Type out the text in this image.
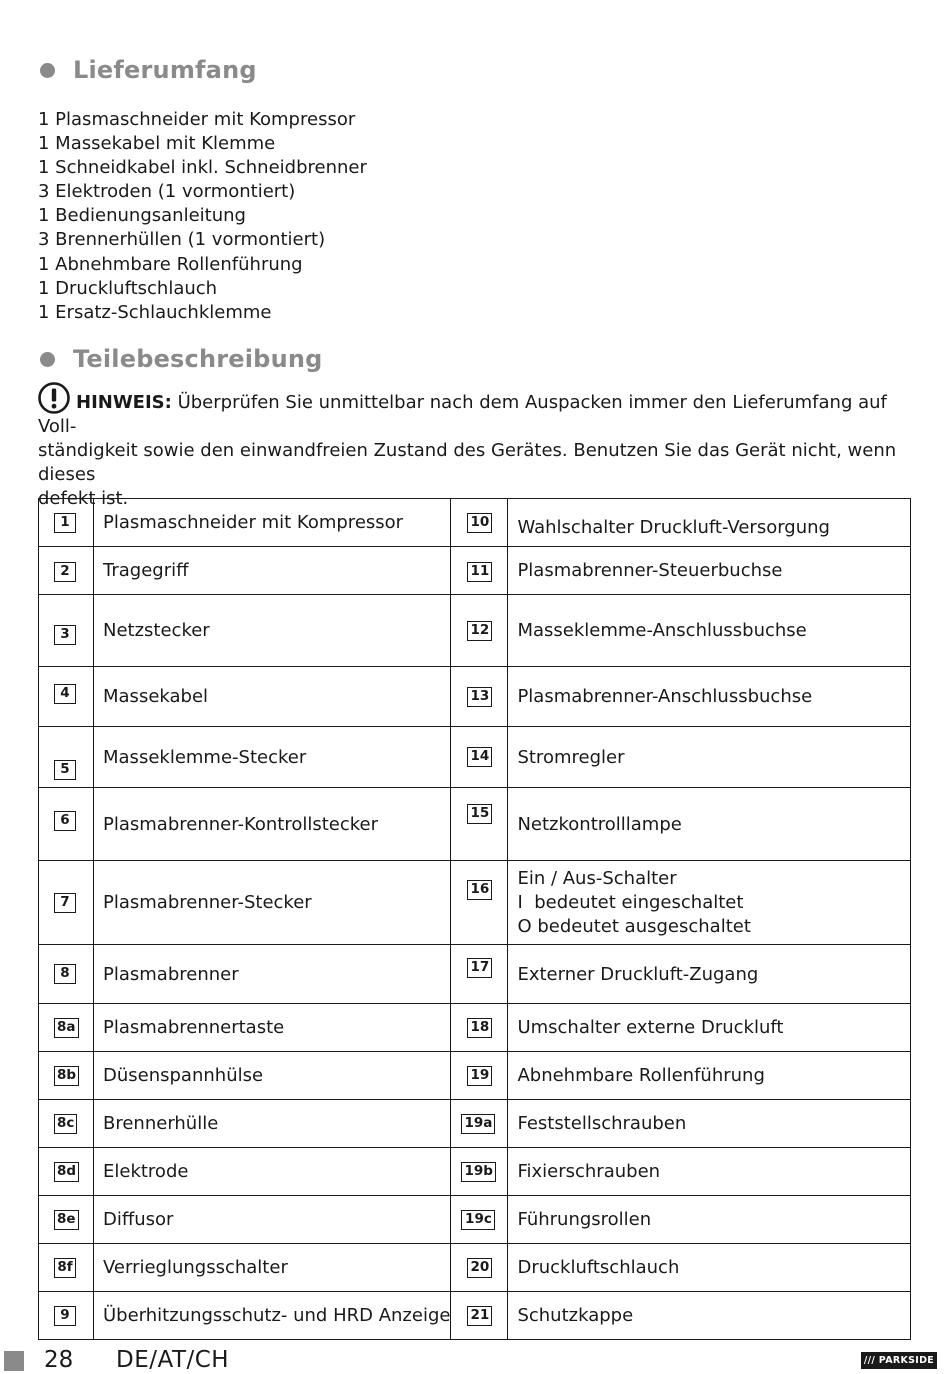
Lieferumfang
1 Plasmaschneider mit Kompressor
1 Massekabel mit Klemme
1 Schneidkabel inkl. Schneidbrenner
3 Elektroden (1 vormontiert)
1 Bedienungsanleitung
3 Brennerhüllen (1 vormontiert)
1 Abnehmbare Rollenführung
1 Druckluftschlauch
1 Ersatz-Schlauchklemme
Teilebeschreibung
HINWEIS: Überprüfen Sie unmittelbar nach dem Auspacken immer den Lieferumfang auf Voll-
ständigkeit sowie den einwandfreien Zustand des Gerätes. Benutzen Sie das Gerät nicht, wenn dieses
defekt ist.
1	Plasmaschneider mit Kompressor	10	Wahlschalter Druckluft-Versorgung

2	Tragegriff	11	Plasmabrenner-Steuerbuchse

3	Netzstecker	12	Masseklemme-Anschlussbuchse

4	Massekabel	13	Plasmabrenner-Anschlussbuchse

5	Masseklemme-Stecker	14	Stromregler

6	Plasmabrenner-Kontrollstecker	15	Netzkontrolllampe

7	Plasmabrenner-Stecker	16	Ein / Aus-Schalter
I  bedeutet eingeschaltet
O bedeutet ausgeschaltet

8	Plasmabrenner	17	Externer Druckluft-Zugang

8a	Plasmabrennertaste	18	Umschalter externe Druckluft

8b	Düsenspannhülse	19	Abnehmbare Rollenführung

8c	Brennerhülle	19a	Feststellschrauben

8d	Elektrode	19b	Fixierschrauben

8e	Diffusor	19c	Führungsrollen

8f	Verrieglungsschalter	20	Druckluftschlauch

9	Überhitzungsschutz- und HRD Anzeige	21	Schutzkappe
28 DE/AT/CH	/// PARKSIDE
